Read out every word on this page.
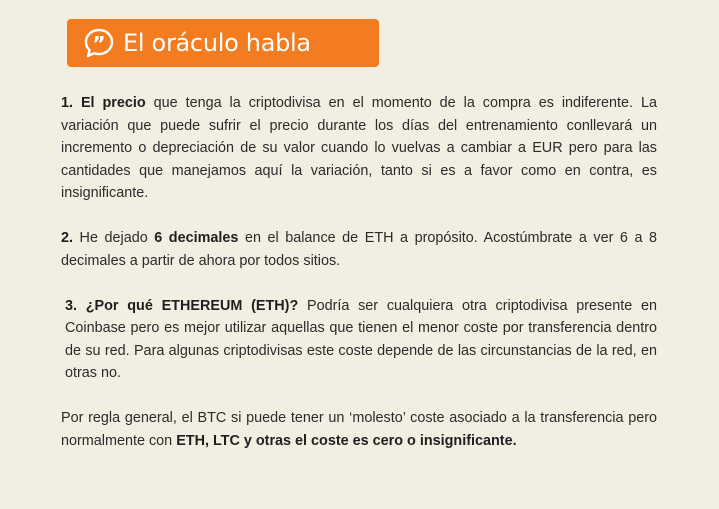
” El oráculo habla

1. El precio que tenga la criptodivisa en el momento de la compra es indiferente. La variación que puede sufrir el precio durante los días del entrenamiento conllevará un incremento o depreciación de su valor cuando lo vuelvas a cambiar a EUR pero para las cantidades que manejamos aquí la variación, tanto si es a favor como en contra, es insignificante.

2. He dejado 6 decimales en el balance de ETH a propósito. Acostúmbrate a ver 6 a 8 decimales a partir de ahora por todos sitios.

3. ¿Por qué ETHEREUM (ETH)? Podría ser cualquiera otra criptodivisa presente en Coinbase pero es mejor utilizar aquellas que tienen el menor coste por transferencia dentro de su red. Para algunas criptodivisas este coste depende de las circunstancias de la red, en otras no.

Por regla general, el BTC si puede tener un ‘molesto’ coste asociado a la transferencia pero normalmente con ETH, LTC y otras el coste es cero o insignificante.
